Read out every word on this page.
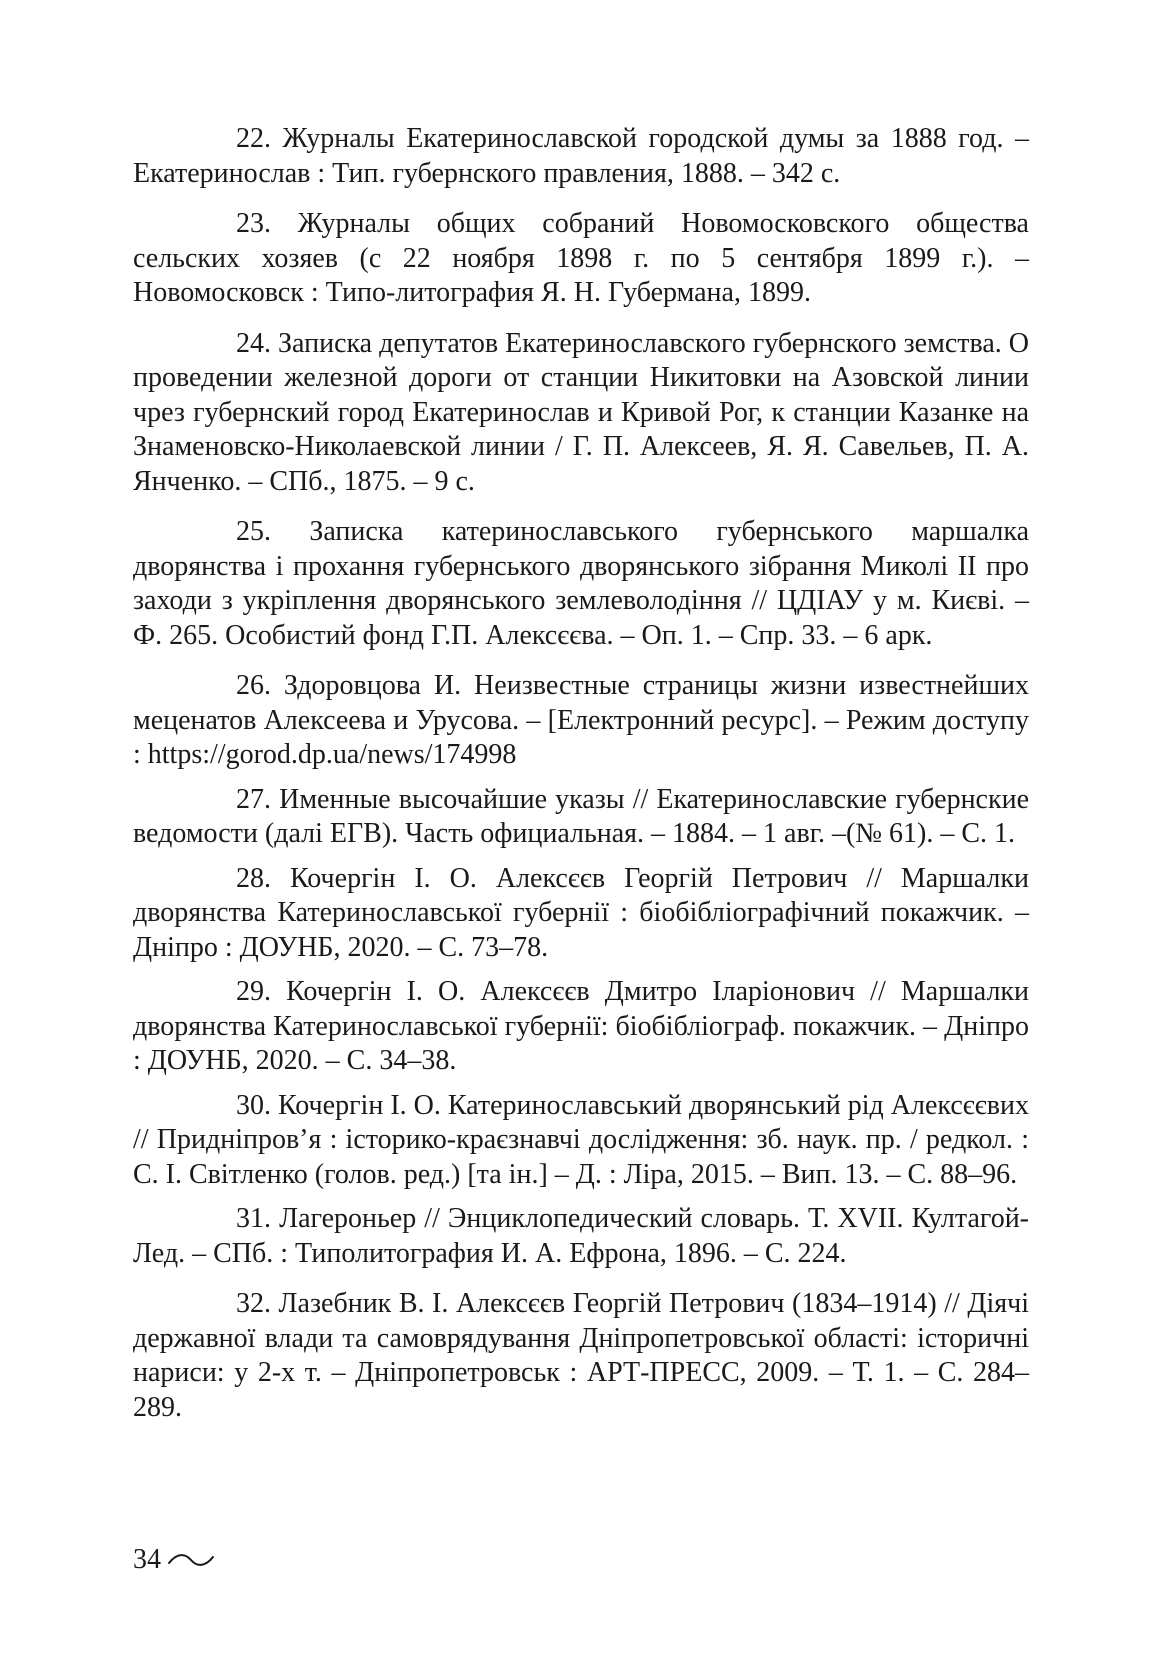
22. Журналы Екатеринославской городской думы за 1888 год. – Екатеринослав : Тип. губернского правления, 1888. – 342 с.

23. Журналы общих собраний Новомосковского общества сельских хозяев (с 22 ноября 1898 г. по 5 сентября 1899 г.). – Новомосковск : Типо-литография Я. Н. Губермана, 1899.

24. Записка депутатов Екатеринославского губернского земства. О проведении железной дороги от станции Никитовки на Азовской линии чрез губернский город Екатеринослав и Кривой Рог, к станции Казанке на Знаменовско-Николаевской линии / Г. П. Алексеев, Я. Я. Савельев, П. А. Янченко. – СПб., 1875. – 9 с.

25. Записка катеринославського губернського маршалка дворянства і прохання губернського дворянського зібрання Миколі ІІ про заходи з укріплення дворянського землеволодіння // ЦДІАУ у м. Києві. – Ф. 265. Особистий фонд Г.П. Алексєєва. – Оп. 1. – Спр. 33. – 6 арк.

26. Здоровцова И. Неизвестные страницы жизни известнейших меценатов Алексеева и Урусова. – [Електронний ресурс]. – Режим доступу : https://gorod.dp.ua/news/174998

27. Именные высочайшие указы // Екатеринославские губернские ведомости (далі ЕГВ). Часть официальная. – 1884. – 1 авг. –(№ 61). – С. 1.

28. Кочергін І. О. Алексєєв Георгій Петрович // Маршалки дворянства Катеринославської губернії : біобібліографічний покажчик. – Дніпро : ДОУНБ, 2020. – С. 73–78.

29. Кочергін І. О. Алексєєв Дмитро Іларіонович // Маршалки дворянства Катеринославської губернії: біобібліограф. покажчик. – Дніпро : ДОУНБ, 2020. – С. 34–38.

30. Кочергін І. О. Катеринославський дворянський рід Алексєєвих // Придніпров’я : історико-краєзнавчі дослідження: зб. наук. пр. / редкол. : С. І. Світленко (голов. ред.) [та ін.] – Д. : Ліра, 2015. – Вип. 13. – С. 88–96.

31. Лагероньер // Энциклопедический словарь. Т. XVII. Култагой-Лед. – СПб. : Типолитография И. А. Ефрона, 1896. – С. 224.

32. Лазебник В. І. Алексєєв Георгій Петрович (1834–1914) // Діячі державної влади та самоврядування Дніпропетровської області: історичні нариси: у 2-х т. – Дніпропетровськ : АРТ-ПРЕСС, 2009. – Т. 1. – С. 284–289.

34
